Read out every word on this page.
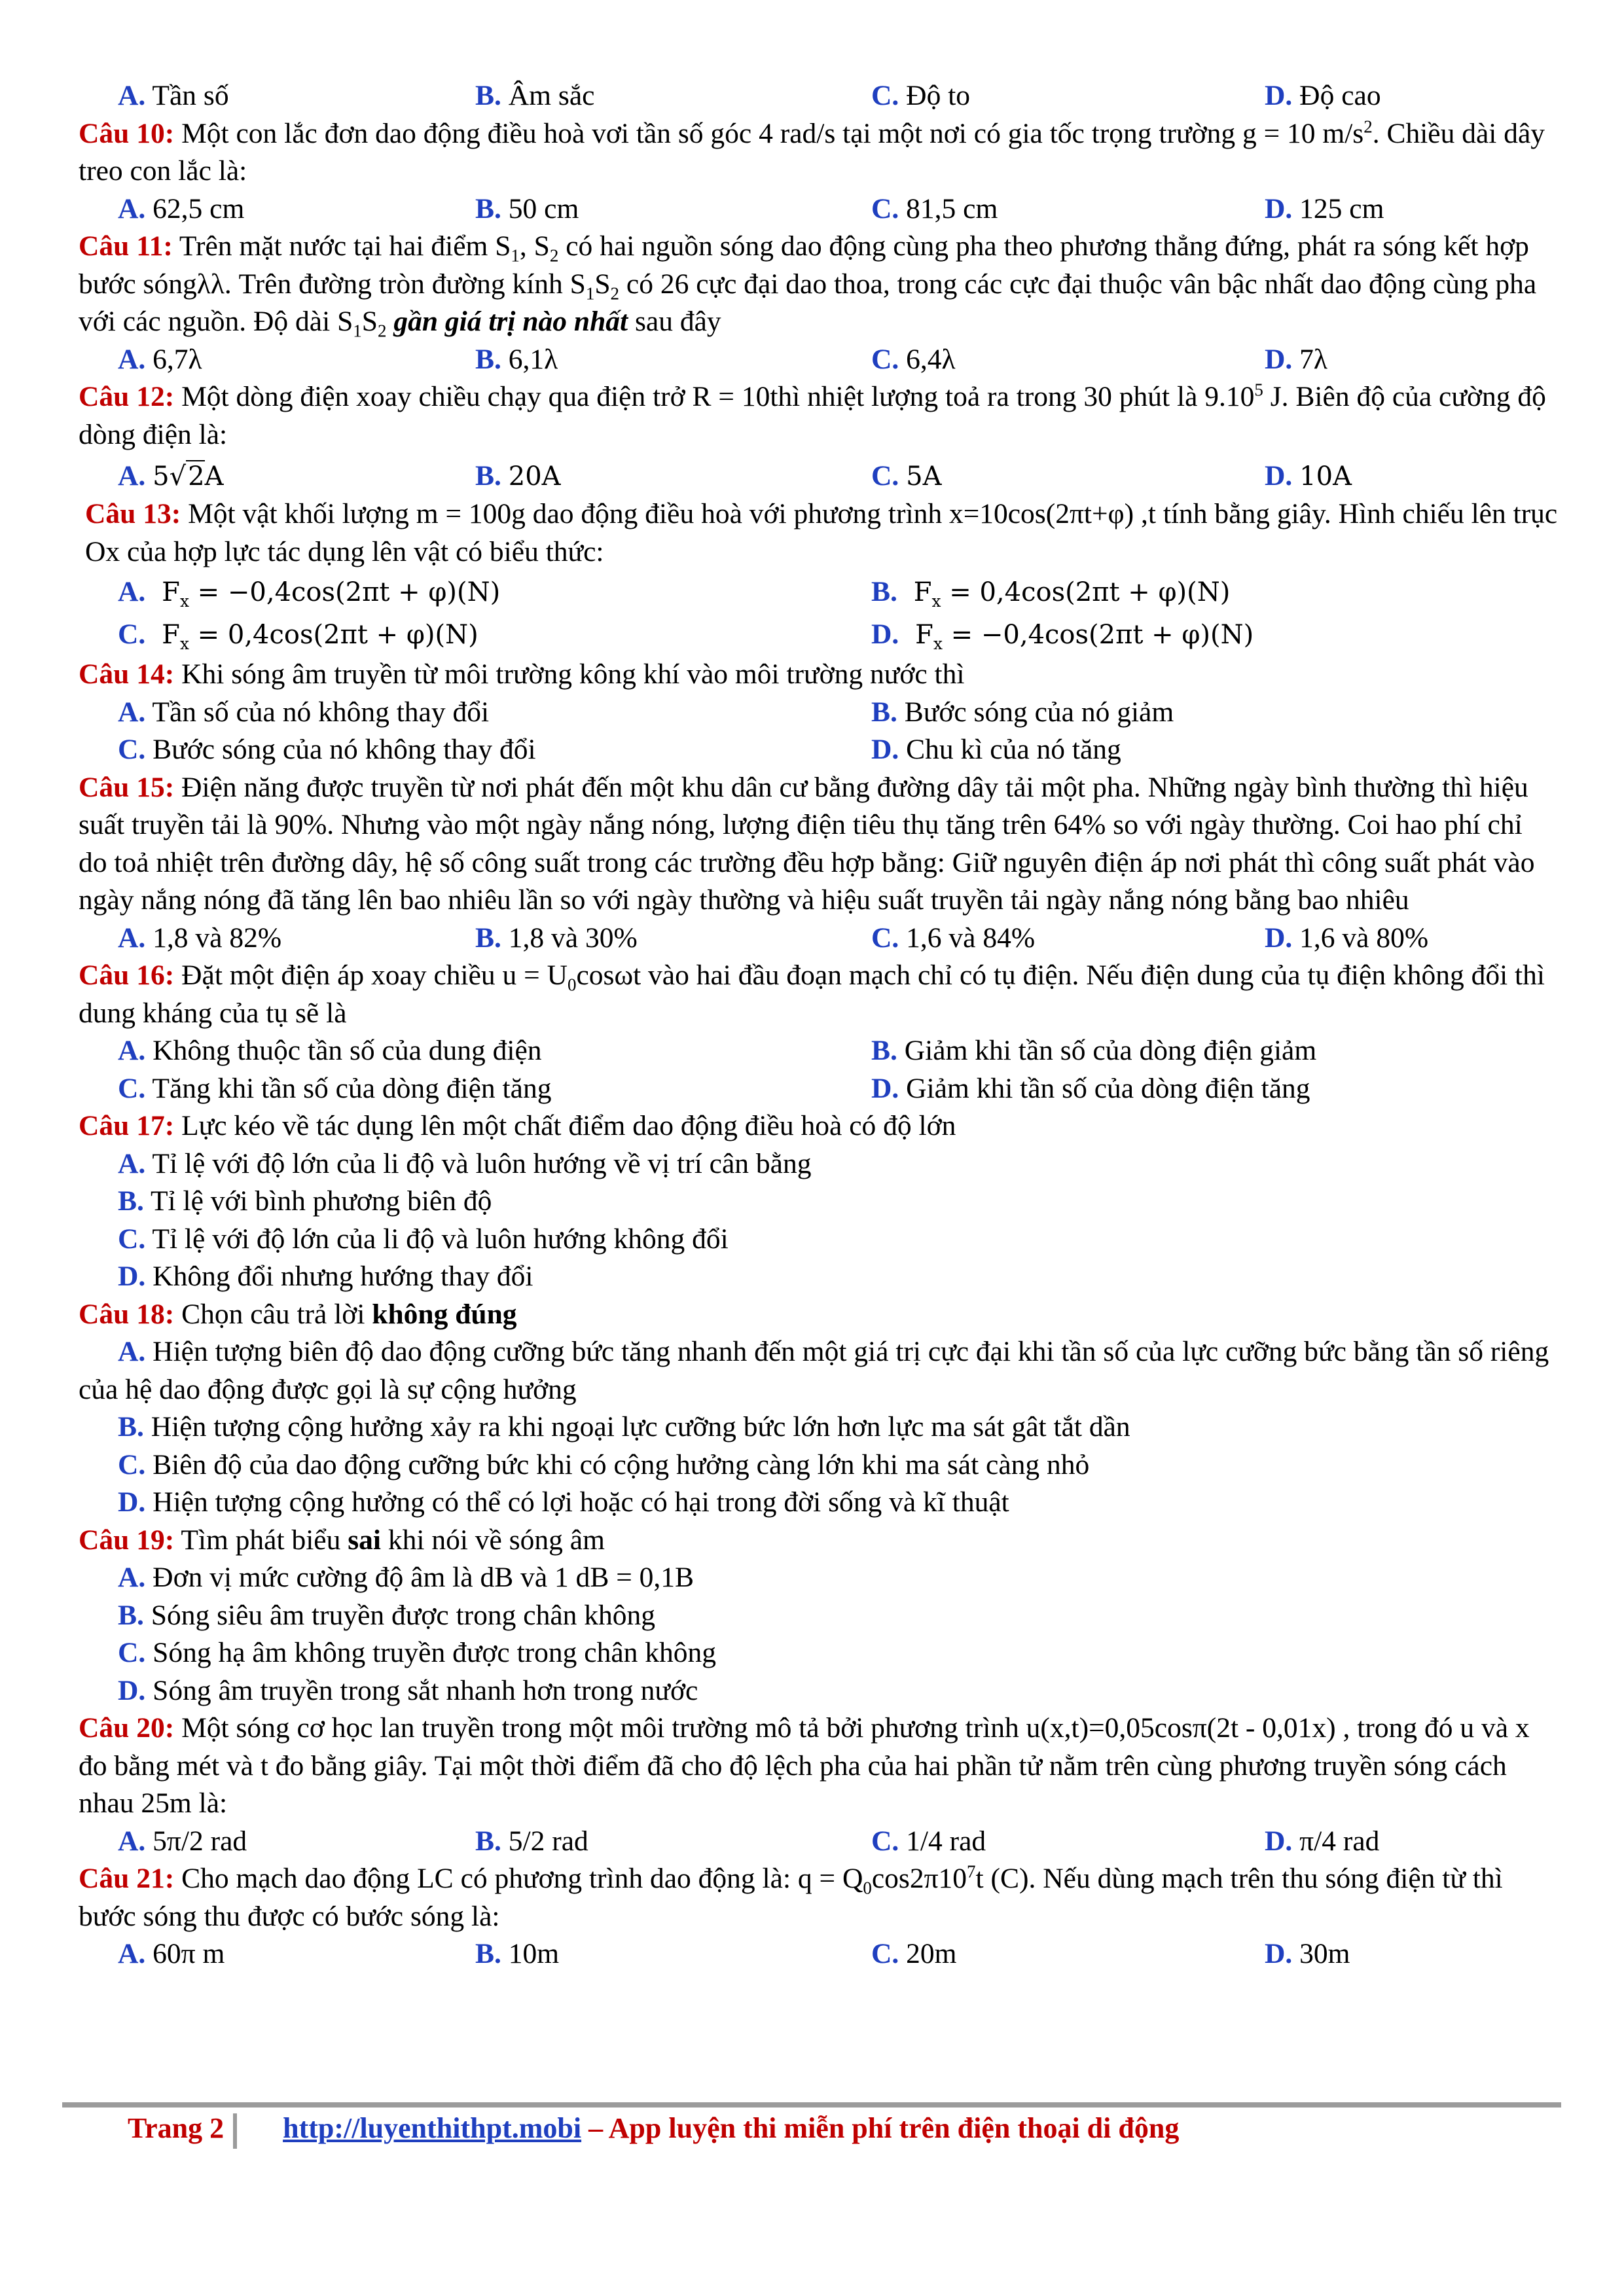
A. Tần số	B. Âm sắc	C. Độ to	D. Độ cao

Câu 10: Một con lắc đơn dao động điều hoà vơi tần số góc 4 rad/s tại một nơi có gia tốc trọng trường g = 10 $m/s^2$. Chiều dài dây treo con lắc là:

A. 62,5 cm	B. 50 cm	C. 81,5 cm	D. 125 cm

Câu 11: Trên mặt nước tại hai điểm $S_1$, $S_2$ có hai nguồn sóng dao động cùng pha theo phương thẳng đứng, phát ra sóng kết hợp bước sóngλλ. Trên đường tròn đường kính $S_1S_2$ có 26 cực đại dao thoa, trong các cực đại thuộc vân bậc nhất dao động cùng pha với các nguồn. Độ dài $S_1S_2$ gần giá trị nào nhất sau đây

A. 6,7λ	B. 6,1λ	C. 6,4λ	D. 7λ

Câu 12: Một dòng điện xoay chiều chạy qua điện trở R = 10thì nhiệt lượng toả ra trong 30 phút là 9.10$^5$ J. Biên độ của cường độ dòng điện là:

A. 5√2A	B. 20A	C. 5A	D. 10A

Câu 13: Một vật khối lượng m = 100g dao động điều hoà với phương trình x=10cos(2πt+φ) ,t tính bằng giây. Hình chiếu lên trục Ox của hợp lực tác dụng lên vật có biểu thức:

A. $F_x = -0,4\cos(2\pi t + \varphi)(N)$	B. $F_x = 0,4\cos(2\pi t + \varphi)(N)$
C. $F_x = 0,4\cos(2\pi t + \varphi)(N)$	D. $F_x = -0,4\cos(2\pi t + \varphi)(N)$

Câu 14: Khi sóng âm truyền từ môi trường kông khí vào môi trường nước thì

A. Tần số của nó không thay đổi	B. Bước sóng của nó giảm
C. Bước sóng của nó không thay đổi	D. Chu kì của nó tăng

Câu 15: Điện năng được truyền từ nơi phát đến một khu dân cư bằng đường dây tải một pha. Những ngày bình thường thì hiệu suất truyền tải là 90%. Nhưng vào một ngày nắng nóng, lượng điện tiêu thụ tăng trên 64% so với ngày thường. Coi hao phí chỉ do toả nhiệt trên đường dây, hệ số công suất trong các trường đều hợp bằng: Giữ nguyên điện áp nơi phát thì công suất phát vào ngày nắng nóng đã tăng lên bao nhiêu lần so với ngày thường và hiệu suất truyền tải ngày nắng nóng bằng bao nhiêu

A. 1,8 và 82%	B. 1,8 và 30%	C. 1,6 và 84%	D. 1,6 và 80%

Câu 16: Đặt một điện áp xoay chiều $u = U_0\cos\omega t$ vào hai đầu đoạn mạch chỉ có tụ điện. Nếu điện dung của tụ điện không đổi thì dung kháng của tụ sẽ là

A. Không thuộc tần số của dung điện	B. Giảm khi tần số của dòng điện giảm
C. Tăng khi tần số của dòng điện tăng	D. Giảm khi tần số của dòng điện tăng

Câu 17: Lực kéo về tác dụng lên một chất điểm dao động điều hoà có độ lớn

A. Tỉ lệ với độ lớn của li độ và luôn hướng về vị trí cân bằng
B. Tỉ lệ với bình phương biên độ
C. Tỉ lệ với độ lớn của li độ và luôn hướng không đổi
D. Không đổi nhưng hướng thay đổi

Câu 18: Chọn câu trả lời không đúng

A. Hiện tượng biên độ dao động cưỡng bức tăng nhanh đến một giá trị cực đại khi tần số của lực cưỡng bức bằng tần số riêng của hệ dao động được gọi là sự cộng hưởng
B. Hiện tượng cộng hưởng xảy ra khi ngoại lực cưỡng bức lớn hơn lực ma sát gât tắt dần
C. Biên độ của dao động cưỡng bức khi có cộng hưởng càng lớn khi ma sát càng nhỏ
D. Hiện tượng cộng hưởng có thể có lợi hoặc có hại trong đời sống và kĩ thuật

Câu 19: Tìm phát biểu sai khi nói về sóng âm

A. Đơn vị mức cường độ âm là dB và 1 dB = 0,1B
B. Sóng siêu âm truyền được trong chân không
C. Sóng hạ âm không truyền được trong chân không
D. Sóng âm truyền trong sắt nhanh hơn trong nước

Câu 20: Một sóng cơ học lan truyền trong một môi trường mô tả bởi phương trình u(x,t)=0,05cosπ(2t - 0,01x) , trong đó u và x đo bằng mét và t đo bằng giây. Tại một thời điểm đã cho độ lệch pha của hai phần tử nằm trên cùng phương truyền sóng cách nhau 25m là:

A. 5π/2 rad	B. 5/2 rad	C. 1/4 rad	D. π/4 rad

Câu 21: Cho mạch dao động LC có phương trình dao động là: $q = Q_0\cos 2\pi 10^7t$ (C). Nếu dùng mạch trên thu sóng điện từ thì bước sóng thu được có bước sóng là:

A. 60π m	B. 10m	C. 20m	D. 30m
Trang 2 http://luyenthithpt.mobi – App luyện thi miễn phí trên điện thoại di động
